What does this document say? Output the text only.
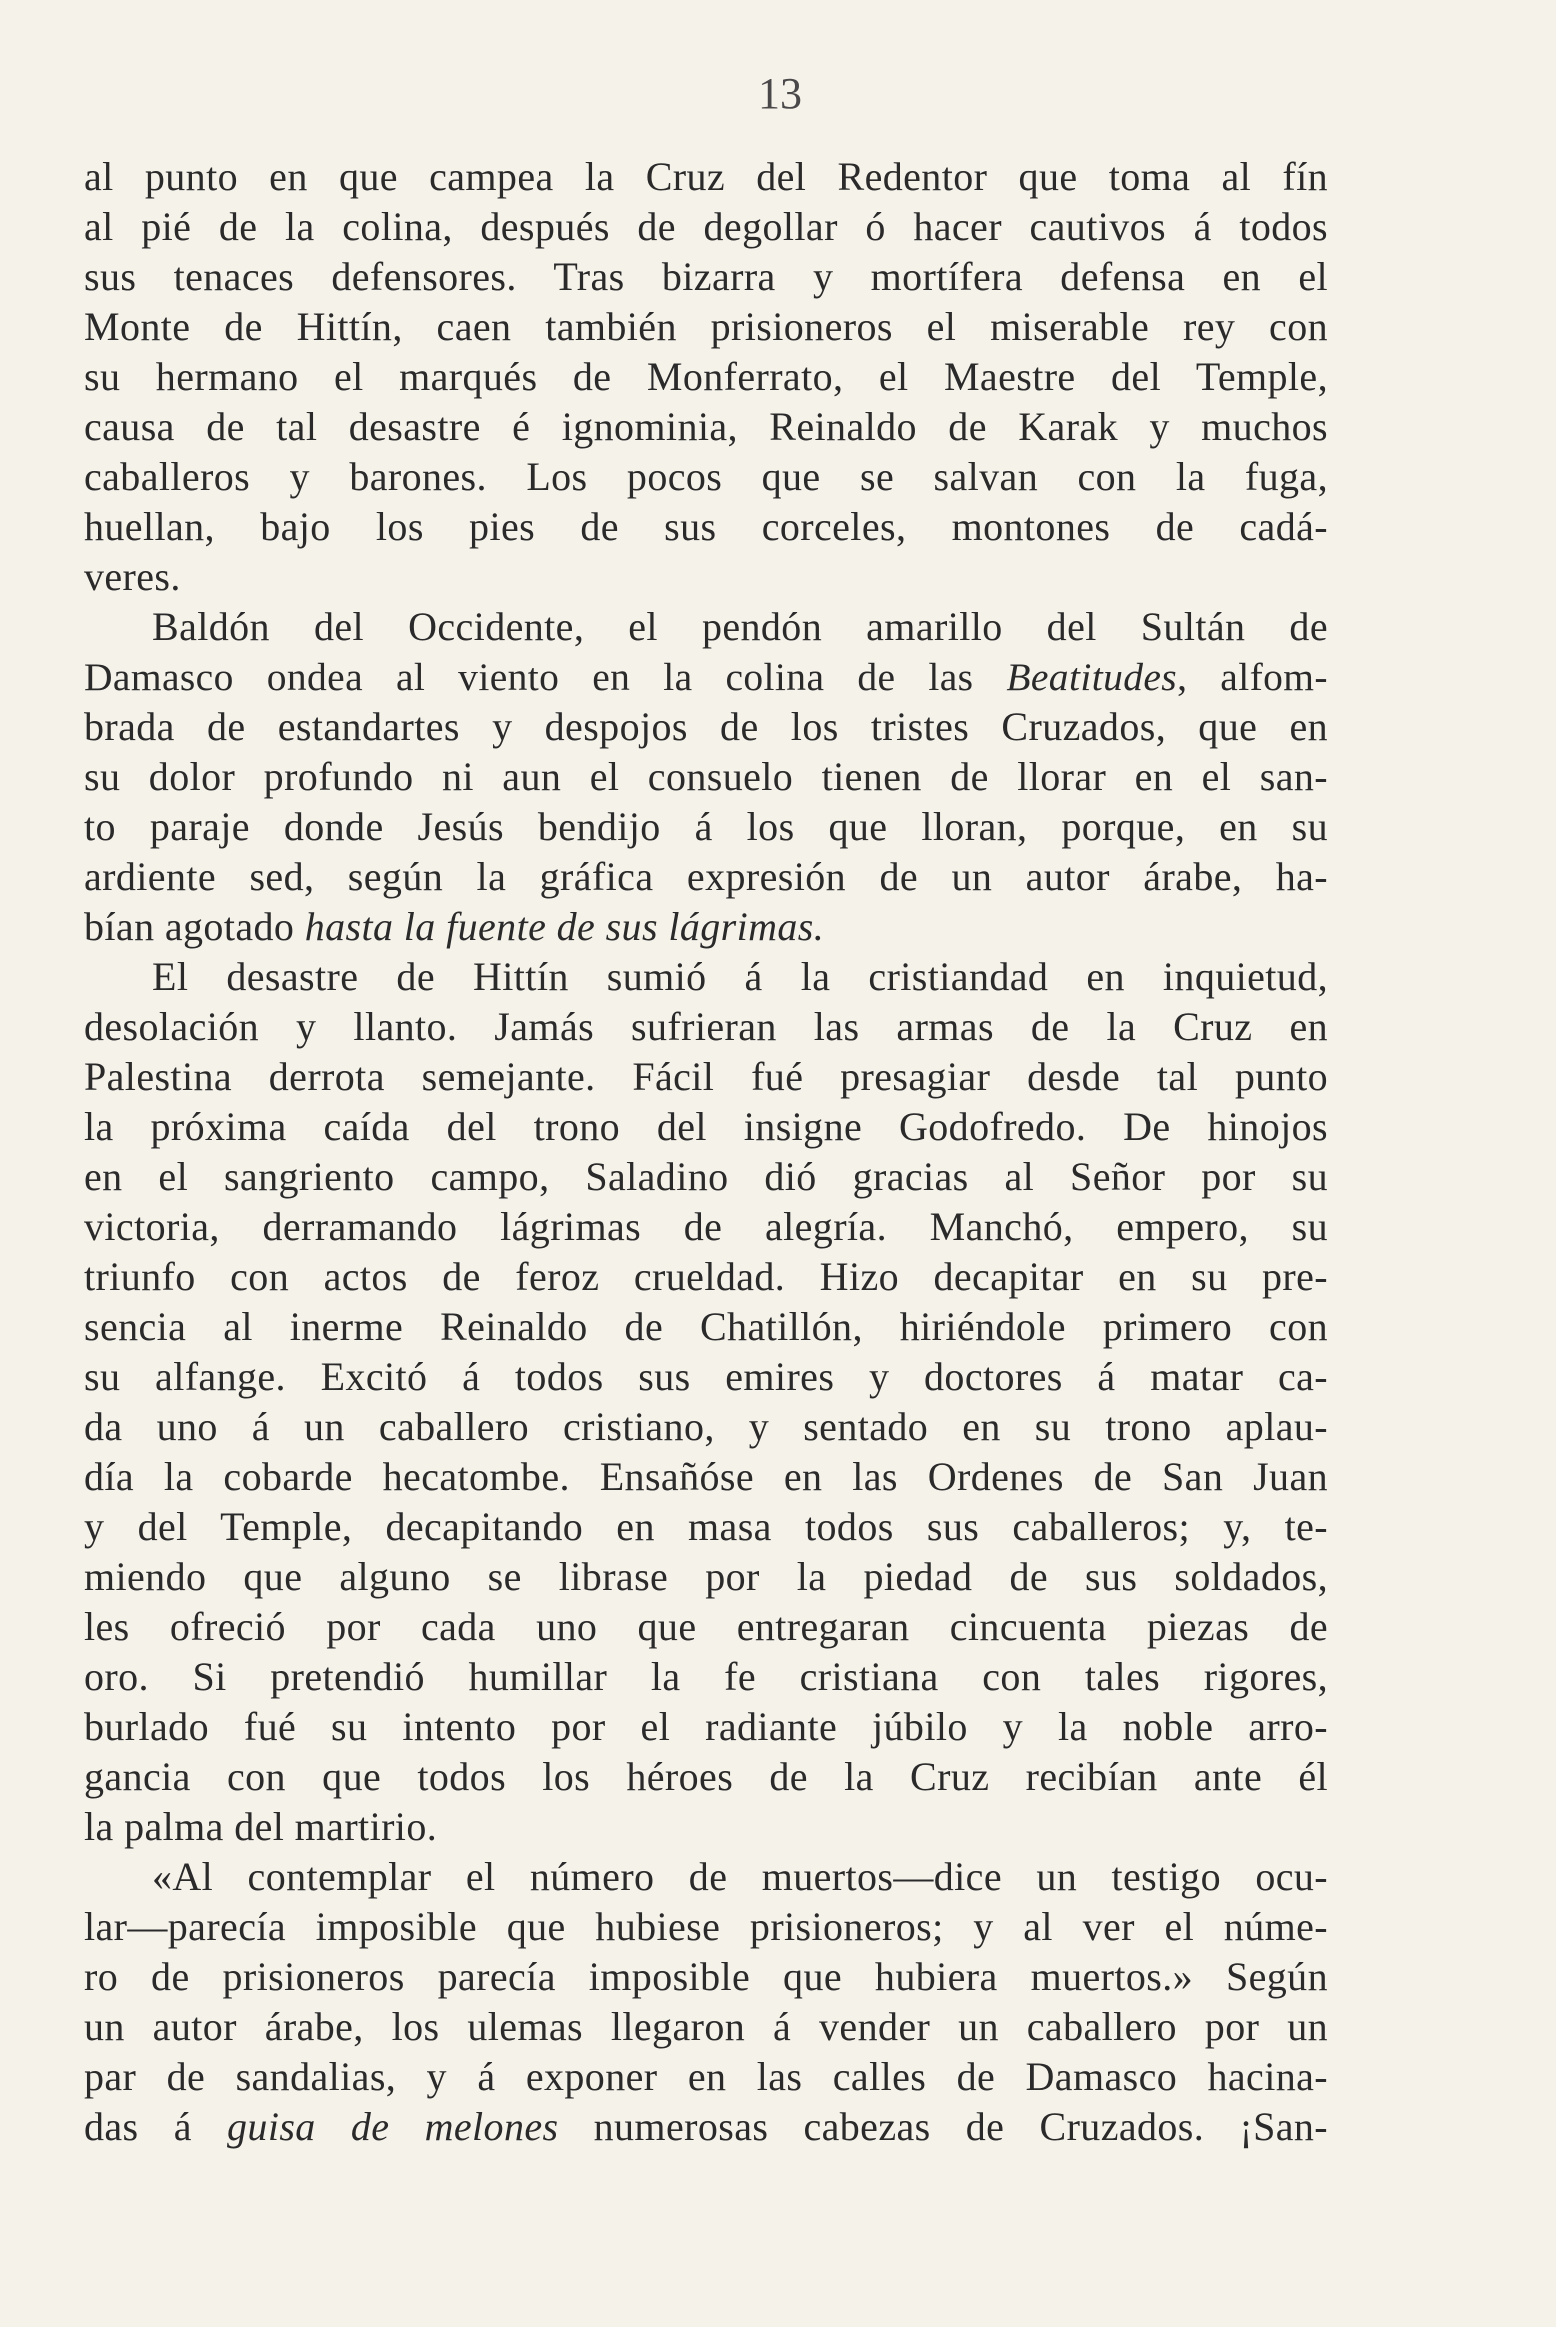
13
al punto en que campea la Cruz del Redentor que toma al fín
al pié de la colina, después de degollar ó hacer cautivos á todos
sus tenaces defensores. Tras bizarra y mortífera defensa en el
Monte de Hittín, caen también prisioneros el miserable rey con
su hermano el marqués de Monferrato, el Maestre del Temple,
causa de tal desastre é ignominia, Reinaldo de Karak y muchos
caballeros y barones. Los pocos que se salvan con la fuga,
huellan, bajo los pies de sus corceles, montones de cadá-
veres.
Baldón del Occidente, el pendón amarillo del Sultán de
Damasco ondea al viento en la colina de las Beatitudes, alfom-
brada de estandartes y despojos de los tristes Cruzados, que en
su dolor profundo ni aun el consuelo tienen de llorar en el san-
to paraje donde Jesús bendijo á los que lloran, porque, en su
ardiente sed, según la gráfica expresión de un autor árabe, ha-
bían agotado hasta la fuente de sus lágrimas.
El desastre de Hittín sumió á la cristiandad en inquietud,
desolación y llanto. Jamás sufrieran las armas de la Cruz en
Palestina derrota semejante. Fácil fué presagiar desde tal punto
la próxima caída del trono del insigne Godofredo. De hinojos
en el sangriento campo, Saladino dió gracias al Señor por su
victoria, derramando lágrimas de alegría. Manchó, empero, su
triunfo con actos de feroz crueldad. Hizo decapitar en su pre-
sencia al inerme Reinaldo de Chatillón, hiriéndole primero con
su alfange. Excitó á todos sus emires y doctores á matar ca-
da uno á un caballero cristiano, y sentado en su trono aplau-
día la cobarde hecatombe. Ensañóse en las Ordenes de San Juan
y del Temple, decapitando en masa todos sus caballeros; y, te-
miendo que alguno se librase por la piedad de sus soldados,
les ofreció por cada uno que entregaran cincuenta piezas de
oro. Si pretendió humillar la fe cristiana con tales rigores,
burlado fué su intento por el radiante júbilo y la noble arro-
gancia con que todos los héroes de la Cruz recibían ante él
la palma del martirio.
«Al contemplar el número de muertos—dice un testigo ocu-
lar—parecía imposible que hubiese prisioneros; y al ver el núme-
ro de prisioneros parecía imposible que hubiera muertos.» Según
un autor árabe, los ulemas llegaron á vender un caballero por un
par de sandalias, y á exponer en las calles de Damasco hacina-
das á guisa de melones numerosas cabezas de Cruzados. ¡San-
